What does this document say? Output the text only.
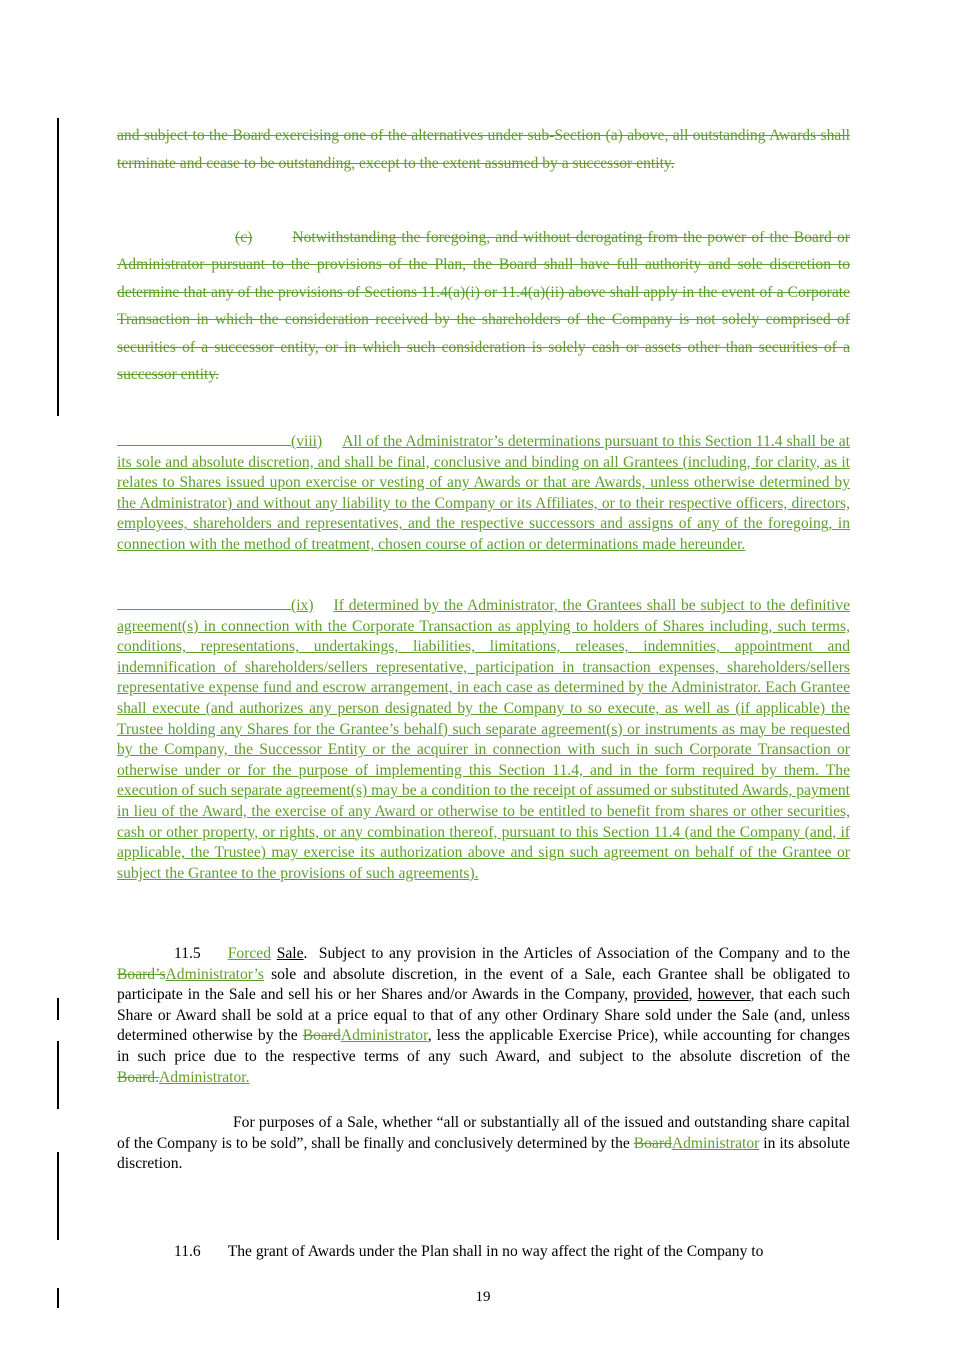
and subject to the Board exercising one of the alternatives under sub-Section (a) above, all outstanding Awards shall terminate and cease to be outstanding, except to the extent assumed by a successor entity.

(c)	Notwithstanding the foregoing, and without derogating from the power of the Board or Administrator pursuant to the provisions of the Plan, the Board shall have full authority and sole discretion to determine that any of the provisions of Sections 11.4(a)(i) or 11.4(a)(ii) above shall apply in the event of a Corporate Transaction in which the consideration received by the shareholders of the Company is not solely comprised of securities of a successor entity, or in which such consideration is solely cash or assets other than securities of a successor entity.

(viii) All of the Administrator’s determinations pursuant to this Section 11.4 shall be at its sole and absolute discretion, and shall be final, conclusive and binding on all Grantees (including, for clarity, as it relates to Shares issued upon exercise or vesting of any Awards or that are Awards, unless otherwise determined by the Administrator) and without any liability to the Company or its Affiliates, or to their respective officers, directors, employees, shareholders and representatives, and the respective successors and assigns of any of the foregoing, in connection with the method of treatment, chosen course of action or determinations made hereunder.

(ix) If determined by the Administrator, the Grantees shall be subject to the definitive agreement(s) in connection with the Corporate Transaction as applying to holders of Shares including, such terms, conditions, representations, undertakings, liabilities, limitations, releases, indemnities, appointment and indemnification of shareholders/sellers representative, participation in transaction expenses, shareholders/sellers representative expense fund and escrow arrangement, in each case as determined by the Administrator. Each Grantee shall execute (and authorizes any person designated by the Company to so execute, as well as (if applicable) the Trustee holding any Shares for the Grantee’s behalf) such separate agreement(s) or instruments as may be requested by the Company, the Successor Entity or the acquirer in connection with such in such Corporate Transaction or otherwise under or for the purpose of implementing this Section 11.4, and in the form required by them. The execution of such separate agreement(s) may be a condition to the receipt of assumed or substituted Awards, payment in lieu of the Award, the exercise of any Award or otherwise to be entitled to benefit from shares or other securities, cash or other property, or rights, or any combination thereof, pursuant to this Section 11.4 (and the Company (and, if applicable, the Trustee) may exercise its authorization above and sign such agreement on behalf of the Grantee or subject the Grantee to the provisions of such agreements).

11.5 Forced Sale. Subject to any provision in the Articles of Association of the Company and to the Board’sAdministrator’s sole and absolute discretion, in the event of a Sale, each Grantee shall be obligated to participate in the Sale and sell his or her Shares and/or Awards in the Company, provided, however, that each such Share or Award shall be sold at a price equal to that of any other Ordinary Share sold under the Sale (and, unless determined otherwise by the BoardAdministrator, less the applicable Exercise Price), while accounting for changes in such price due to the respective terms of any such Award, and subject to the absolute discretion of the Board.Administrator.

For purposes of a Sale, whether “all or substantially all of the issued and outstanding share capital of the Company is to be sold”, shall be finally and conclusively determined by the BoardAdministrator in its absolute discretion.

11.6 The grant of Awards under the Plan shall in no way affect the right of the Company to

19
